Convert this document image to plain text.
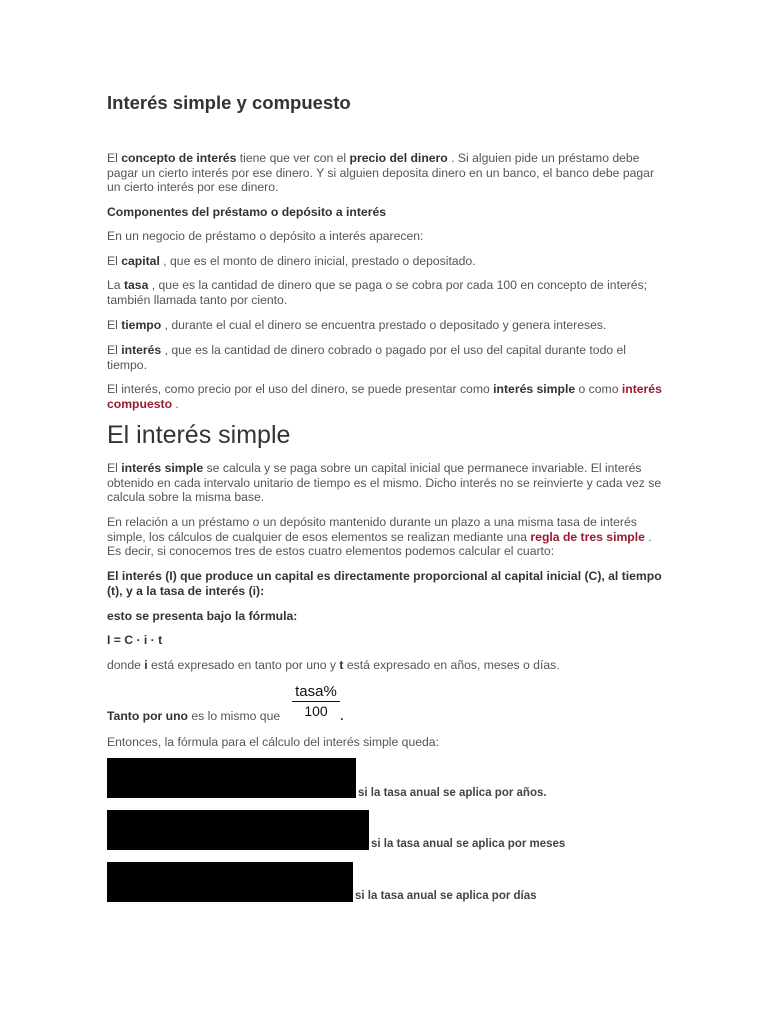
Interés simple y compuesto

El concepto de interés tiene que ver con el precio del dinero . Si alguien pide un préstamo debe pagar un cierto interés por ese dinero. Y si alguien deposita dinero en un banco, el banco debe pagar un cierto interés por ese dinero.

Componentes del préstamo o depósito a interés

En un negocio de préstamo o depósito a interés aparecen:

El capital , que es el monto de dinero inicial, prestado o depositado.

La tasa , que es la cantidad de dinero que se paga o se cobra por cada 100 en concepto de interés; también llamada tanto por ciento.

El tiempo , durante el cual el dinero se encuentra prestado o depositado y genera intereses.

El interés , que es la cantidad de dinero cobrado o pagado por el uso del capital durante todo el tiempo.

El interés, como precio por el uso del dinero, se puede presentar como interés simple o como interés compuesto .

El interés simple

El interés simple se calcula y se paga sobre un capital inicial que permanece invariable. El interés obtenido en cada intervalo unitario de tiempo es el mismo. Dicho interés no se reinvierte y cada vez se calcula sobre la misma base.

En relación a un préstamo o un depósito mantenido durante un plazo a una misma tasa de interés simple, los cálculos de cualquier de esos elementos se realizan mediante una regla de tres simple . Es decir, si conocemos tres de estos cuatro elementos podemos calcular el cuarto:

El interés (I) que produce un capital es directamente proporcional al capital inicial (C), al tiempo (t), y a la tasa de interés (i):

esto se presenta bajo la fórmula:

I = C · i · t

donde i está expresado en tanto por uno y t está expresado en años, meses o días.

Tanto por uno es lo mismo que	.

tasa%
100

Entonces, la fórmula para el cálculo del interés simple queda:

si la tasa anual se aplica por años.
si la tasa anual se aplica por meses
si la tasa anual se aplica por días
